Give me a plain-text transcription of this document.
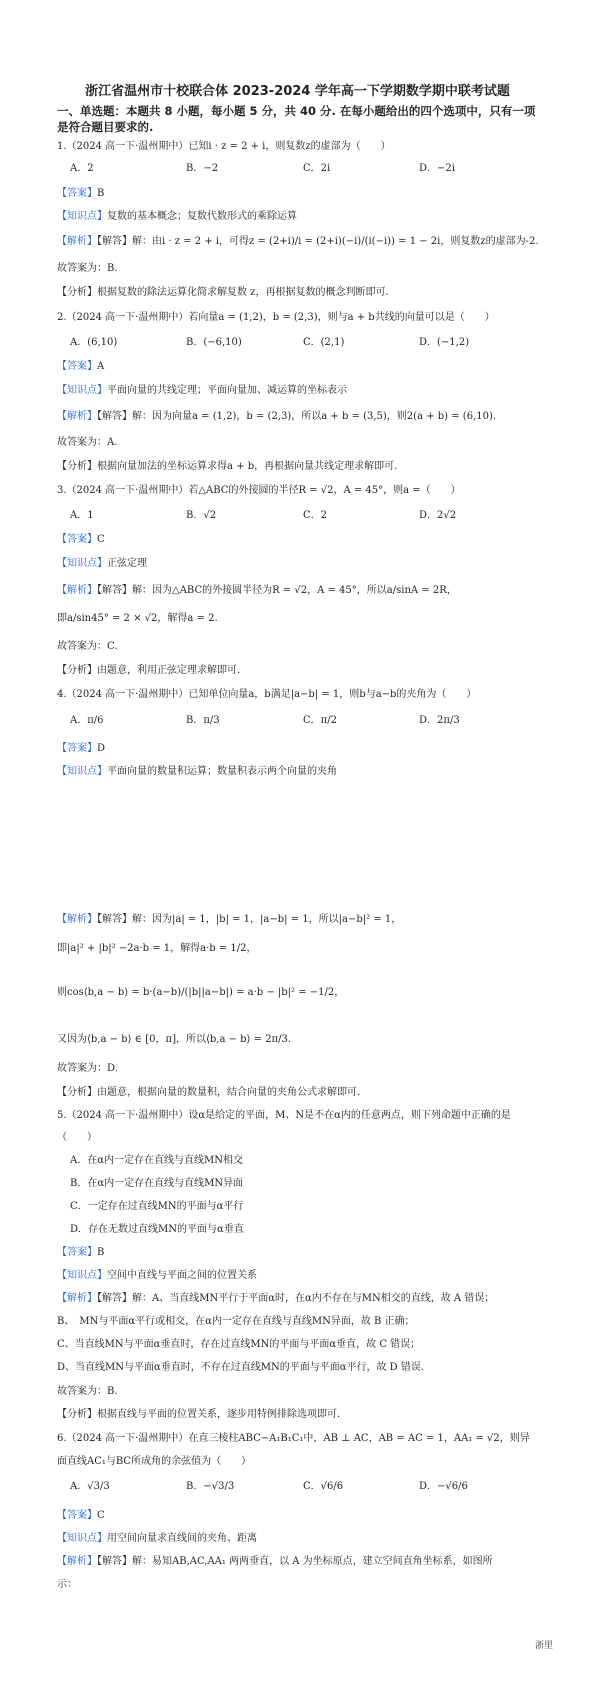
浙江省温州市十校联合体 2023-2024 学年高一下学期数学期中联考试题
一、单选题：本题共 8 小题，每小题 5 分，共 40 分. 在每小题给出的四个选项中，只有一项
是符合题目要求的.
1.（2024 高一下·温州期中）已知i · z = 2 + i，则复数z的虚部为（　　）
A．2	B．−2	C．2i	D．−2i
【答案】B
【知识点】复数的基本概念；复数代数形式的乘除运算
【解析】【解答】解：由i · z = 2 + i，可得z = (2+i)/i = (2+i)(−i)/(i(−i)) = 1 − 2i，则复数z的虚部为-2.
故答案为：B.
【分析】根据复数的除法运算化简求解复数 z，再根据复数的概念判断即可.
2.（2024 高一下·温州期中）若向量a = (1,2)，b = (2,3)，则与a + b共线的向量可以是（　　）
A．(6,10)	B．(−6,10)	C．(2,1)	D．(−1,2)
【答案】A
【知识点】平面向量的共线定理；平面向量加、减运算的坐标表示
【解析】【解答】解：因为向量a = (1,2)，b = (2,3)，所以a + b = (3,5)，则2(a + b) = (6,10).
故答案为：A.
【分析】根据向量加法的坐标运算求得a + b，再根据向量共线定理求解即可.
3.（2024 高一下·温州期中）若△ABC的外接圆的半径R = √2，A = 45°，则a =（　　）
A．1	B．√2	C．2	D．2√2
【答案】C
【知识点】正弦定理
【解析】【解答】解：因为△ABC的外接圆半径为R = √2，A = 45°，所以a/sinA = 2R，
即a/sin45° = 2 × √2，解得a = 2.
故答案为：C.
【分析】由题意，利用正弦定理求解即可.
4.（2024 高一下·温州期中）已知单位向量a，b满足|a−b| = 1，则b与a−b的夹角为（　　）
A．π/6	B．π/3	C．π/2	D．2π/3
【答案】D
【知识点】平面向量的数量积运算；数量积表示两个向量的夹角
【解析】【解答】解：因为|a| = 1，|b| = 1，|a−b| = 1，所以|a−b|² = 1，
即|a|² + |b|² −2a·b = 1，解得a·b = 1/2，
则cos⟨b,a − b⟩ = b·(a−b)/(|b||a−b|) = a·b − |b|² = −1/2，
又因为⟨b,a − b⟩ ∈ [0，π]，所以⟨b,a − b⟩ = 2π/3.
故答案为：D.
【分析】由题意，根据向量的数量积，结合向量的夹角公式求解即可.
5.（2024 高一下·温州期中）设α是给定的平面，M、N是不在α内的任意两点，则下列命题中正确的是
（　　）
A．在α内一定存在直线与直线MN相交
B．在α内一定存在直线与直线MN异面
C．一定存在过直线MN的平面与α平行
D．存在无数过直线MN的平面与α垂直
【答案】B
【知识点】空间中直线与平面之间的位置关系
【解析】【解答】解：A、当直线MN平行于平面α时，在α内不存在与MN相交的直线，故 A 错误；
B、　MN与平面α平行或相交，在α内一定存在直线与直线MN异面，故 B 正确；
C、当直线MN与平面α垂直时，存在过直线MN的平面与平面α垂直，故 C 错误；
D、当直线MN与平面α垂直时，不存在过直线MN的平面与平面α平行，故 D 错误.
故答案为：B.
【分析】根据直线与平面的位置关系，逐步用特例排除选项即可.
6.（2024 高一下·温州期中）在直三棱柱ABC−A₁B₁C₁中，AB ⊥ AC，AB = AC = 1，AA₁ = √2，则异
面直线AC₁与BC所成角的余弦值为（　　）
A．√3/3	B．−√3/3	C．√6/6	D．−√6/6
【答案】C
【知识点】用空间向量求直线间的夹角、距离
【解析】【解答】解：易知AB,AC,AA₁ 两两垂直，以 A 为坐标原点，建立空间直角坐标系，如图所
示：
浙里
